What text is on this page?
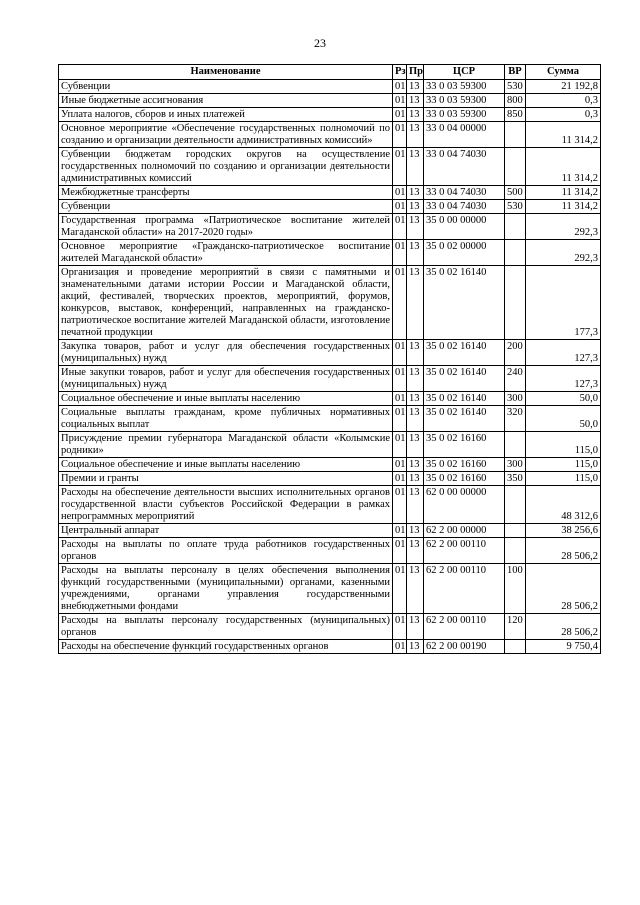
23
Наименование	Рз	Пр	ЦСР	ВР	Сумма
Субвенции	01	13	33 0 03 59300	530	21 192,8
Иные бюджетные ассигнования	01	13	33 0 03 59300	800	0,3
Уплата налогов, сборов и иных платежей	01	13	33 0 03 59300	850	0,3
Основное мероприятие «Обеспечение государственных полномочий по созданию и организации деятельности административных комиссий»	01	13	33 0 04 00000		11 314,2
Субвенции бюджетам городских округов на осуществление государственных полномочий по созданию и организации деятельности административных комиссий	01	13	33 0 04 74030		11 314,2
Межбюджетные трансферты	01	13	33 0 04 74030	500	11 314,2
Субвенции	01	13	33 0 04 74030	530	11 314,2
Государственная программа «Патриотическое воспитание жителей Магаданской области» на 2017-2020 годы»	01	13	35 0 00 00000		292,3
Основное мероприятие «Гражданско-патриотическое воспитание жителей Магаданской области»	01	13	35 0 02 00000		292,3
Организация и проведение мероприятий в связи с памятными и знаменательными датами истории России и Магаданской области, акций, фестивалей, творческих проектов, мероприятий, форумов, конкурсов, выставок, конференций, направленных на гражданско-патриотическое воспитание жителей Магаданской области, изготовление печатной продукции	01	13	35 0 02 16140		177,3
Закупка товаров, работ и услуг для обеспечения государственных (муниципальных) нужд	01	13	35 0 02 16140	200	127,3
Иные закупки товаров, работ и услуг для обеспечения государственных (муниципальных) нужд	01	13	35 0 02 16140	240	127,3
Социальное обеспечение и иные выплаты населению	01	13	35 0 02 16140	300	50,0
Социальные выплаты гражданам, кроме публичных нормативных социальных выплат	01	13	35 0 02 16140	320	50,0
Присуждение премии губернатора Магаданской области «Колымские родники»	01	13	35 0 02 16160		115,0
Социальное обеспечение и иные выплаты населению	01	13	35 0 02 16160	300	115,0
Премии и гранты	01	13	35 0 02 16160	350	115,0
Расходы на обеспечение деятельности высших исполнительных органов государственной власти субъектов Российской Федерации в рамках непрограммных мероприятий	01	13	62 0 00 00000		48 312,6
Центральный аппарат	01	13	62 2 00 00000		38 256,6
Расходы на выплаты по оплате труда работников государственных органов	01	13	62 2 00 00110		28 506,2
Расходы на выплаты персоналу в целях обеспечения выполнения функций государственными (муниципальными) органами, казенными учреждениями, органами управления государственными внебюджетными фондами	01	13	62 2 00 00110	100	28 506,2
Расходы на выплаты персоналу государственных (муниципальных) органов	01	13	62 2 00 00110	120	28 506,2
Расходы на обеспечение функций государственных органов	01	13	62 2 00 00190		9 750,4
